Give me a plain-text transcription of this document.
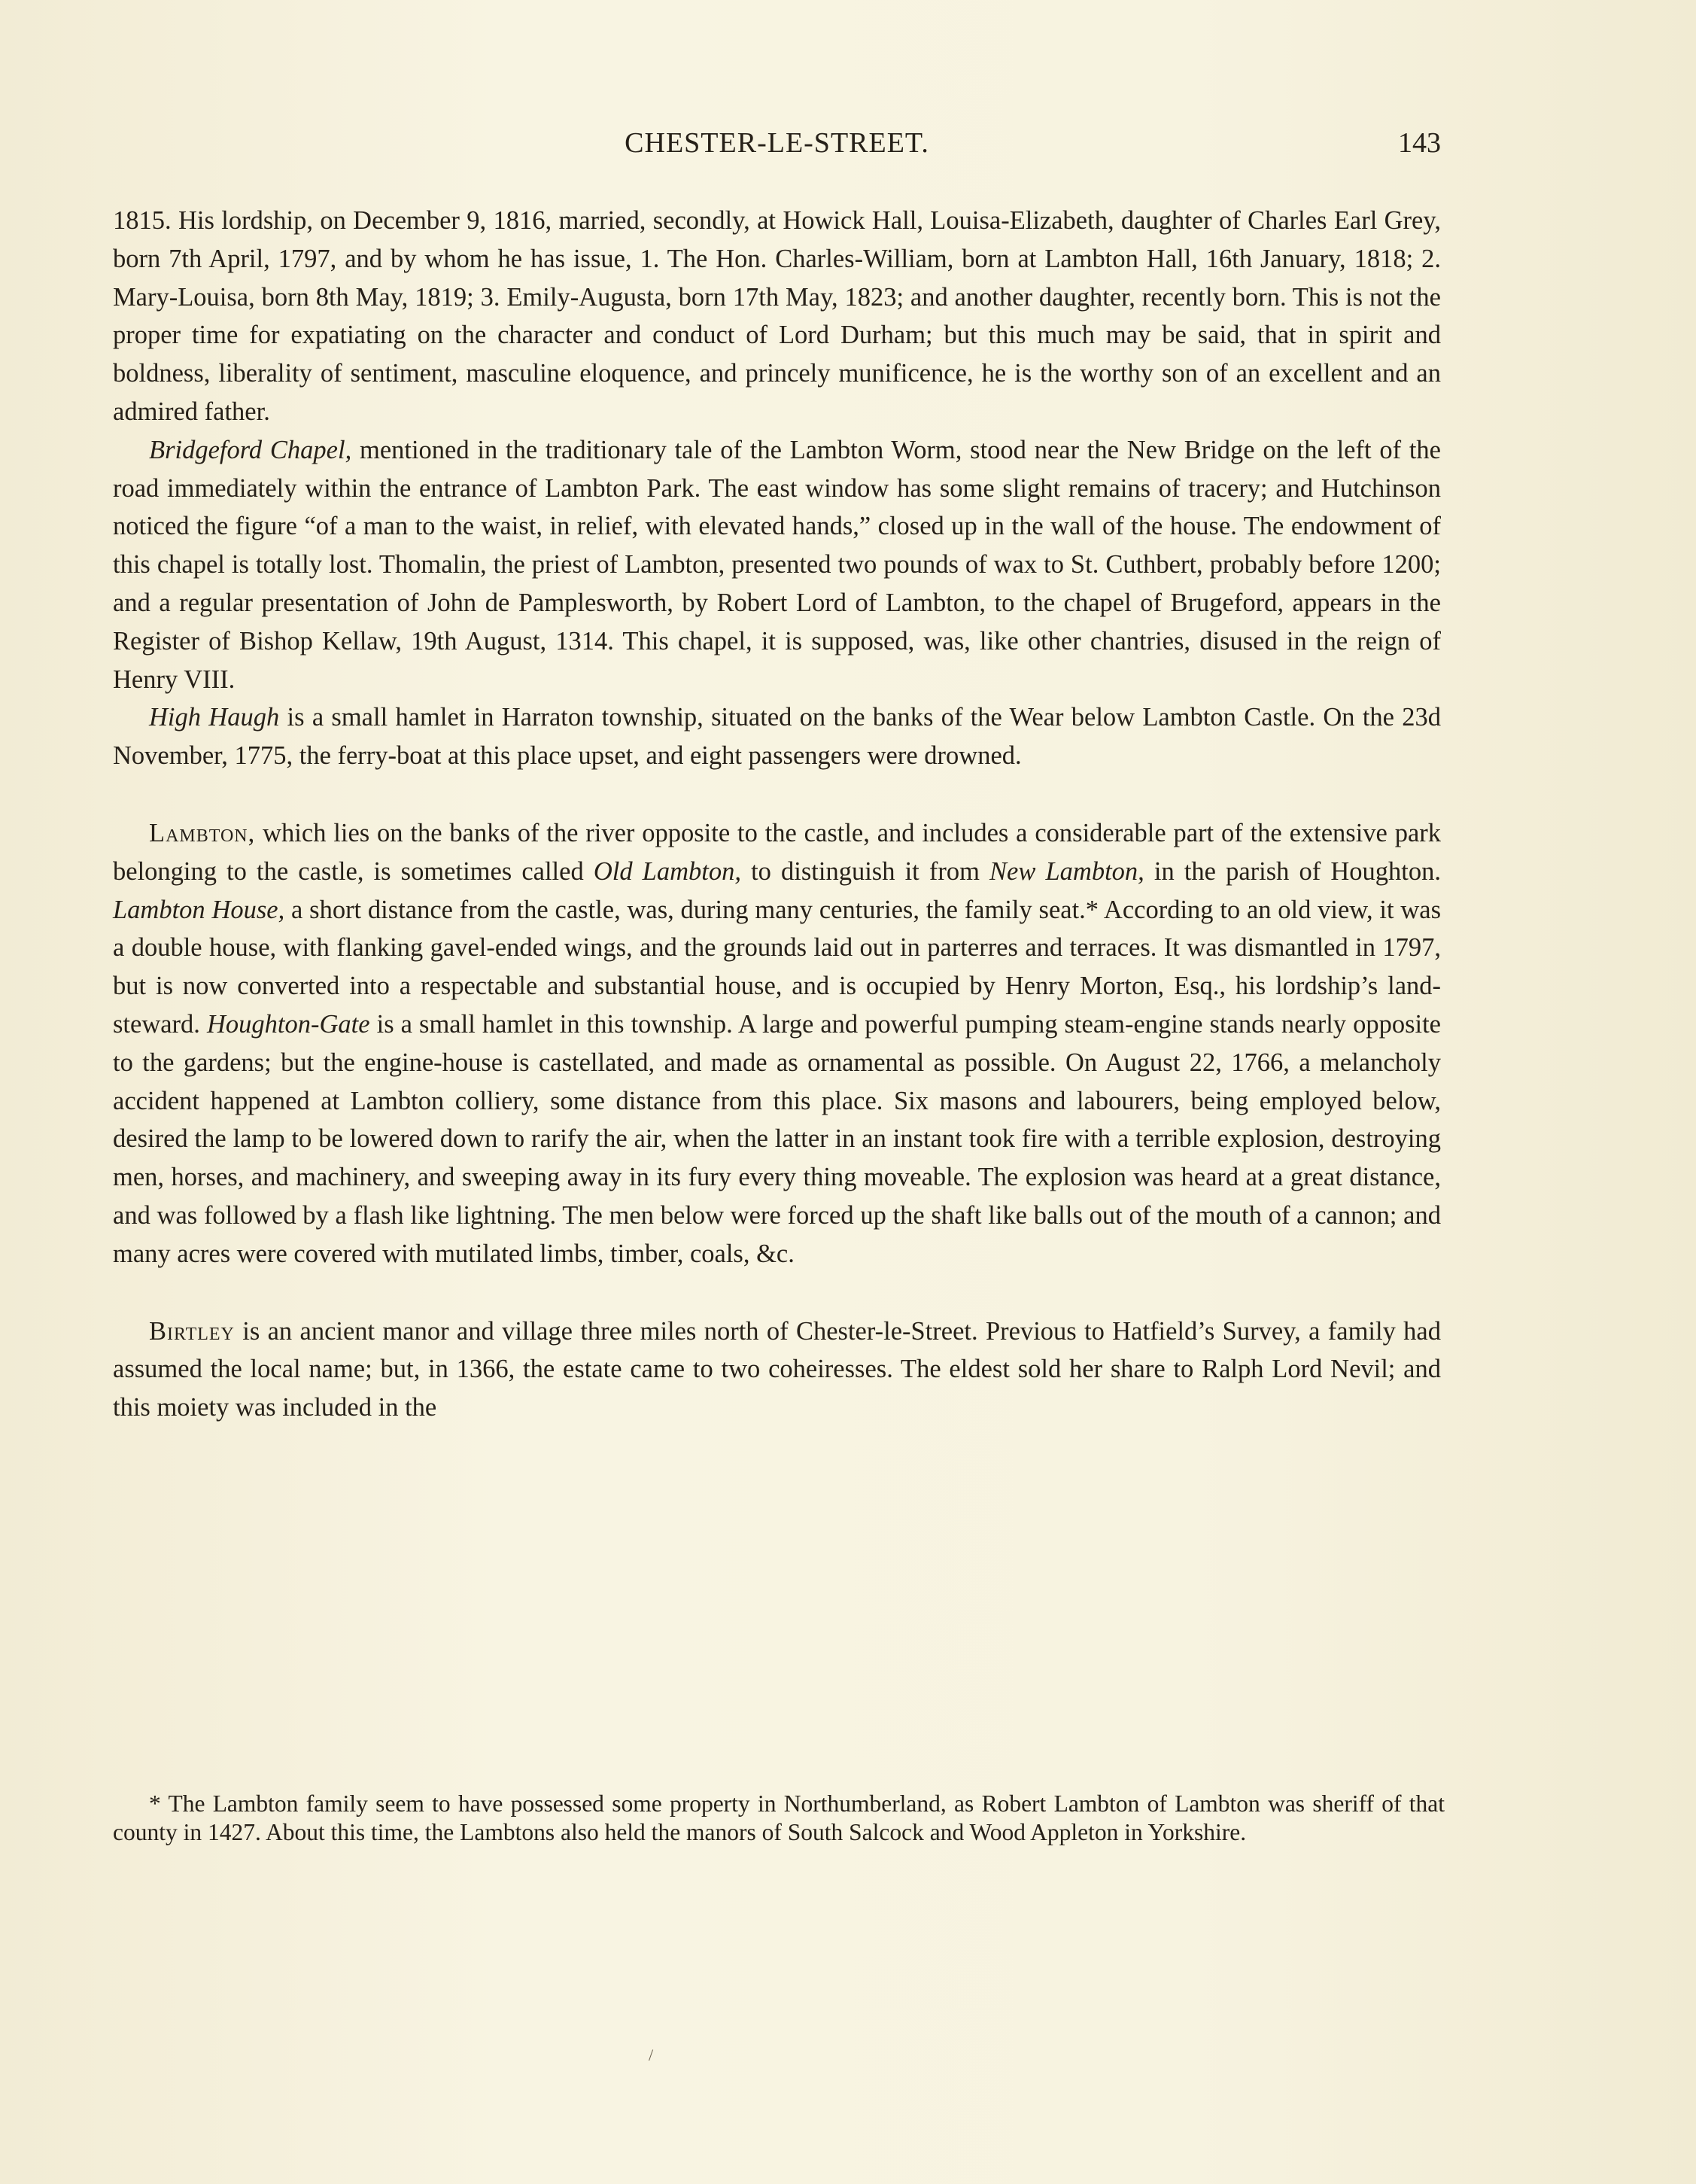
CHESTER-LE-STREET.	143

1815. His lordship, on December 9, 1816, married, secondly, at Howick Hall, Louisa-Elizabeth, daughter of Charles Earl Grey, born 7th April, 1797, and by whom he has issue, 1. The Hon. Charles-William, born at Lambton Hall, 16th January, 1818; 2. Mary-Louisa, born 8th May, 1819; 3. Emily-Augusta, born 17th May, 1823; and another daughter, recently born. This is not the proper time for expatiating on the character and conduct of Lord Durham; but this much may be said, that in spirit and boldness, liberality of sentiment, masculine eloquence, and princely munificence, he is the worthy son of an excellent and an admired father.

Bridgeford Chapel, mentioned in the traditionary tale of the Lambton Worm, stood near the New Bridge on the left of the road immediately within the entrance of Lambton Park. The east window has some slight remains of tracery; and Hutchinson noticed the figure “of a man to the waist, in relief, with elevated hands,” closed up in the wall of the house. The endowment of this chapel is totally lost. Thomalin, the priest of Lambton, presented two pounds of wax to St. Cuthbert, probably before 1200; and a regular presentation of John de Pamplesworth, by Robert Lord of Lambton, to the chapel of Brugeford, appears in the Register of Bishop Kellaw, 19th August, 1314. This chapel, it is supposed, was, like other chantries, disused in the reign of Henry VIII.

High Haugh is a small hamlet in Harraton township, situated on the banks of the Wear below Lambton Castle. On the 23d November, 1775, the ferry-boat at this place upset, and eight passengers were drowned.

Lambton, which lies on the banks of the river opposite to the castle, and includes a considerable part of the extensive park belonging to the castle, is sometimes called Old Lambton, to distinguish it from New Lambton, in the parish of Houghton. Lambton House, a short distance from the castle, was, during many centuries, the family seat.* According to an old view, it was a double house, with flanking gavel-ended wings, and the grounds laid out in parterres and terraces. It was dismantled in 1797, but is now converted into a respectable and substantial house, and is occupied by Henry Morton, Esq., his lordship’s land-steward. Houghton-Gate is a small hamlet in this township. A large and powerful pumping steam-engine stands nearly opposite to the gardens; but the engine-house is castellated, and made as ornamental as possible. On August 22, 1766, a melancholy accident happened at Lambton colliery, some distance from this place. Six masons and labourers, being employed below, desired the lamp to be lowered down to rarify the air, when the latter in an instant took fire with a terrible explosion, destroying men, horses, and machinery, and sweeping away in its fury every thing moveable. The explosion was heard at a great distance, and was followed by a flash like lightning. The men below were forced up the shaft like balls out of the mouth of a cannon; and many acres were covered with mutilated limbs, timber, coals, &c.

Birtley is an ancient manor and village three miles north of Chester-le-Street. Previous to Hatfield’s Survey, a family had assumed the local name; but, in 1366, the estate came to two coheiresses. The eldest sold her share to Ralph Lord Nevil; and this moiety was included in the

* The Lambton family seem to have possessed some property in Northumberland, as Robert Lambton of Lambton was sheriff of that county in 1427. About this time, the Lambtons also held the manors of South Salcock and Wood Appleton in Yorkshire.
/
